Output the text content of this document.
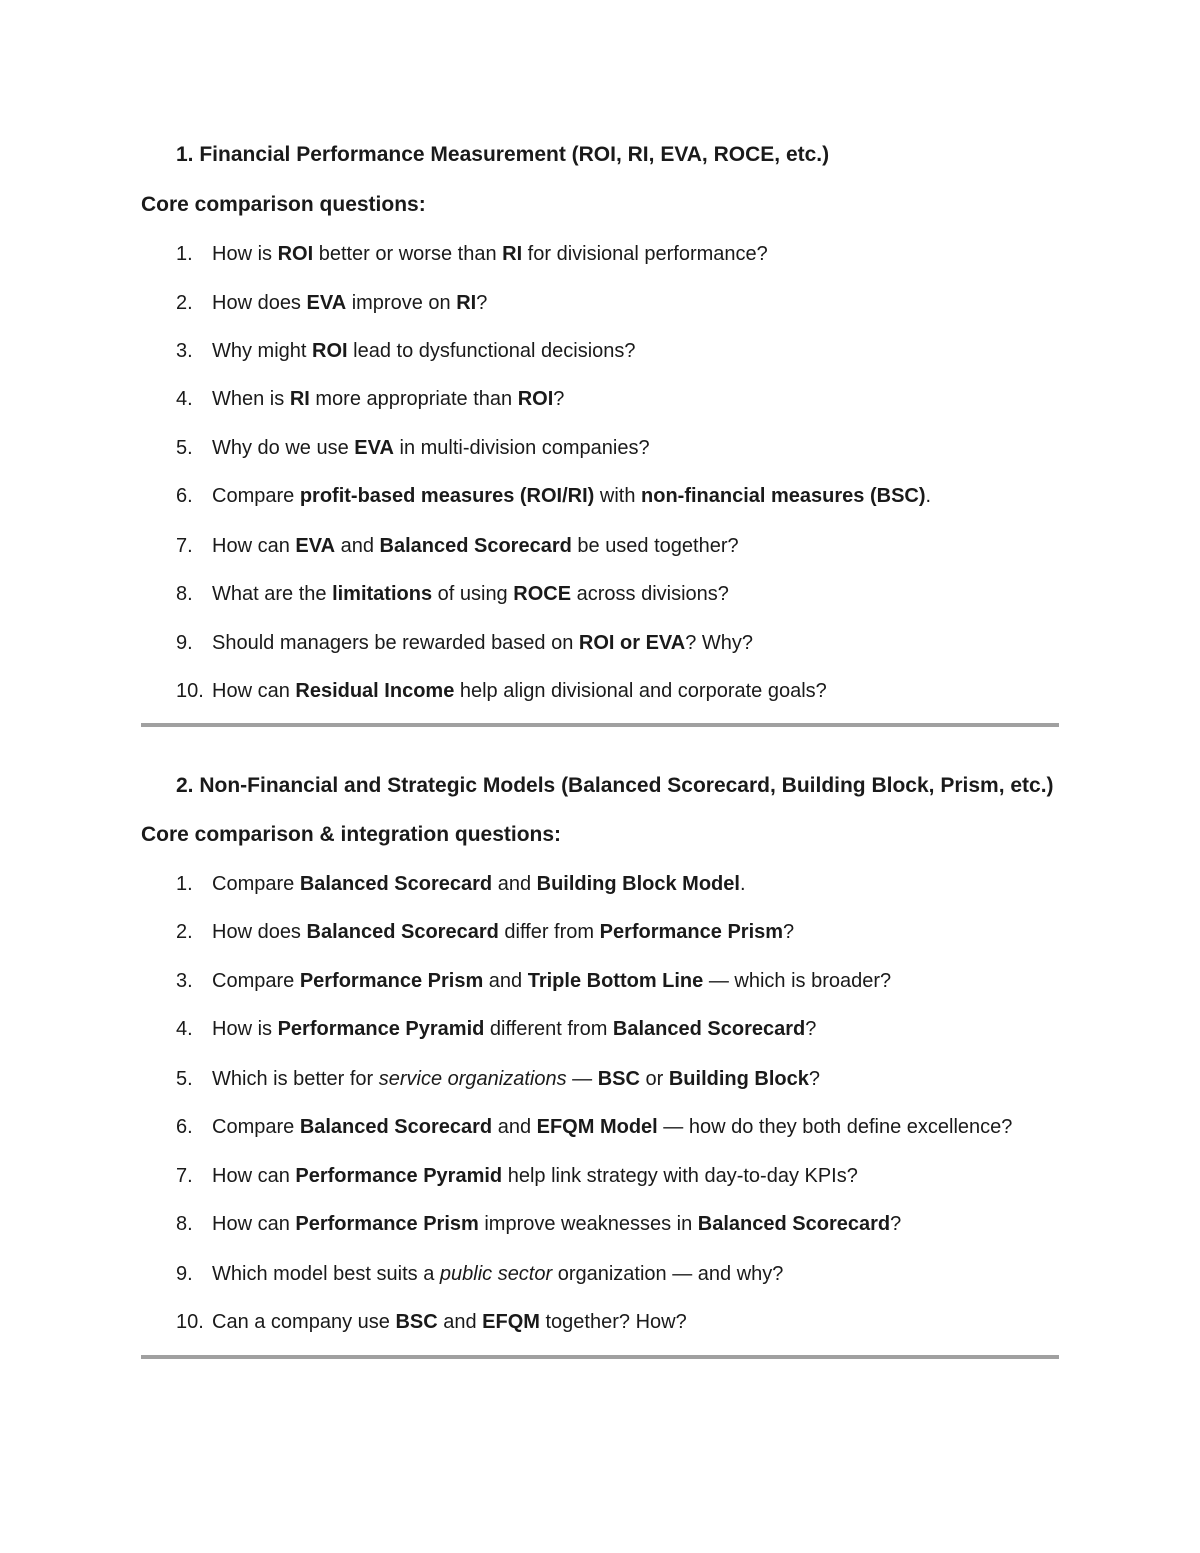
1. Financial Performance Measurement (ROI, RI, EVA, ROCE, etc.)
Core comparison questions:
1. How is ROI better or worse than RI for divisional performance?
2. How does EVA improve on RI?
3. Why might ROI lead to dysfunctional decisions?
4. When is RI more appropriate than ROI?
5. Why do we use EVA in multi-division companies?
6. Compare profit-based measures (ROI/RI) with non-financial measures (BSC).
7. How can EVA and Balanced Scorecard be used together?
8. What are the limitations of using ROCE across divisions?
9. Should managers be rewarded based on ROI or EVA? Why?
10. How can Residual Income help align divisional and corporate goals?
2. Non-Financial and Strategic Models (Balanced Scorecard, Building Block, Prism, etc.)
Core comparison & integration questions:
1. Compare Balanced Scorecard and Building Block Model.
2. How does Balanced Scorecard differ from Performance Prism?
3. Compare Performance Prism and Triple Bottom Line — which is broader?
4. How is Performance Pyramid different from Balanced Scorecard?
5. Which is better for service organizations — BSC or Building Block?
6. Compare Balanced Scorecard and EFQM Model — how do they both define excellence?
7. How can Performance Pyramid help link strategy with day-to-day KPIs?
8. How can Performance Prism improve weaknesses in Balanced Scorecard?
9. Which model best suits a public sector organization — and why?
10. Can a company use BSC and EFQM together? How?
